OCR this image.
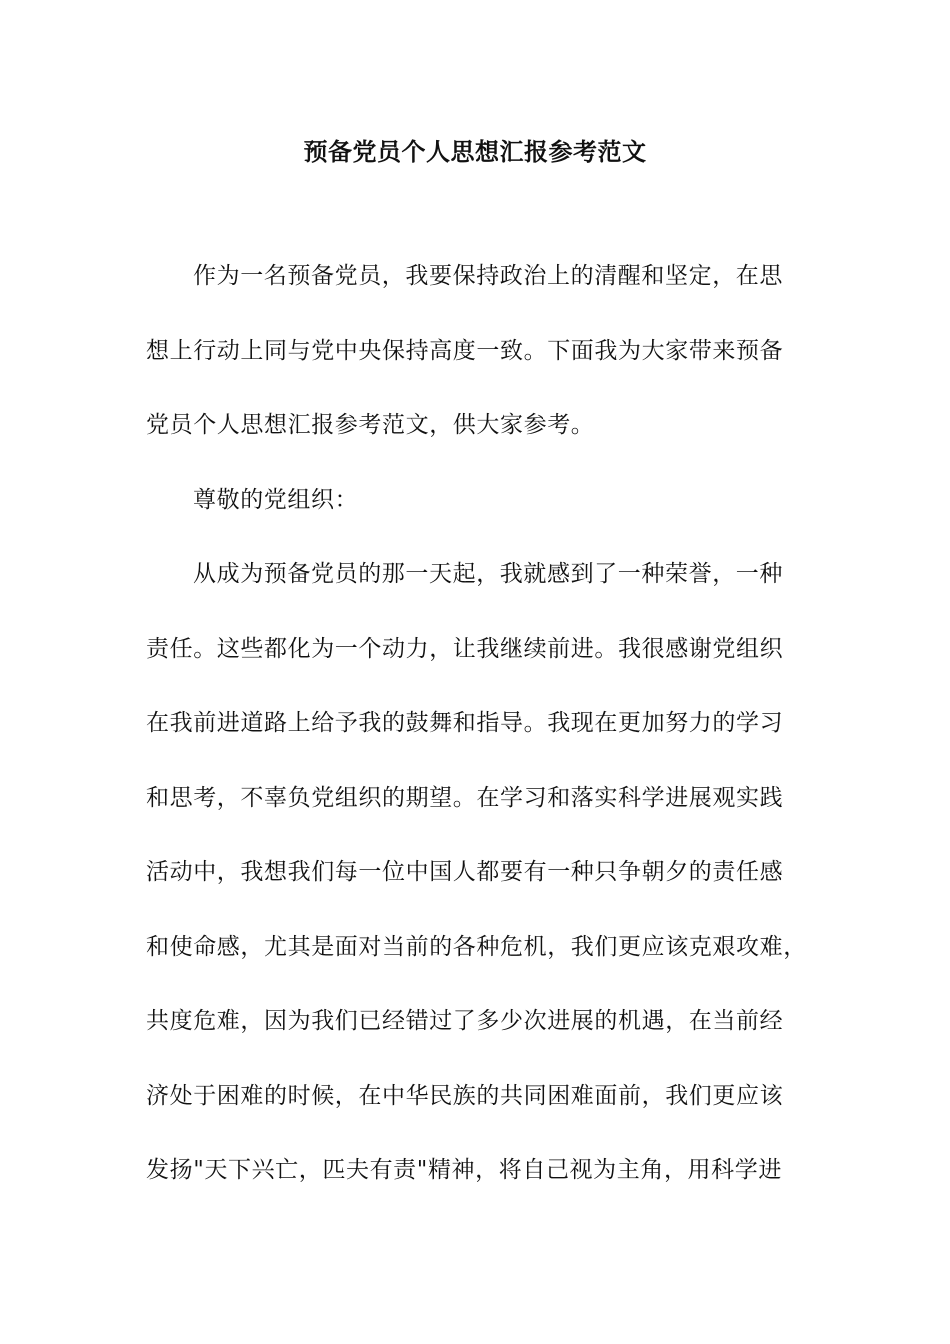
预备党员个人思想汇报参考范文
作为一名预备党员，我要保持政治上的清醒和坚定，在思
想上行动上同与党中央保持高度一致。下面我为大家带来预备
党员个人思想汇报参考范文，供大家参考。
尊敬的党组织：
从成为预备党员的那一天起，我就感到了一种荣誉，一种
责任。这些都化为一个动力，让我继续前进。我很感谢党组织
在我前进道路上给予我的鼓舞和指导。我现在更加努力的学习
和思考，不辜负党组织的期望。在学习和落实科学进展观实践
活动中，我想我们每一位中国人都要有一种只争朝夕的责任感
和使命感，尤其是面对当前的各种危机，我们更应该克艰攻难，
共度危难，因为我们已经错过了多少次进展的机遇，在当前经
济处于困难的时候，在中华民族的共同困难面前，我们更应该
发扬"天下兴亡，匹夫有责"精神，将自己视为主角，用科学进
